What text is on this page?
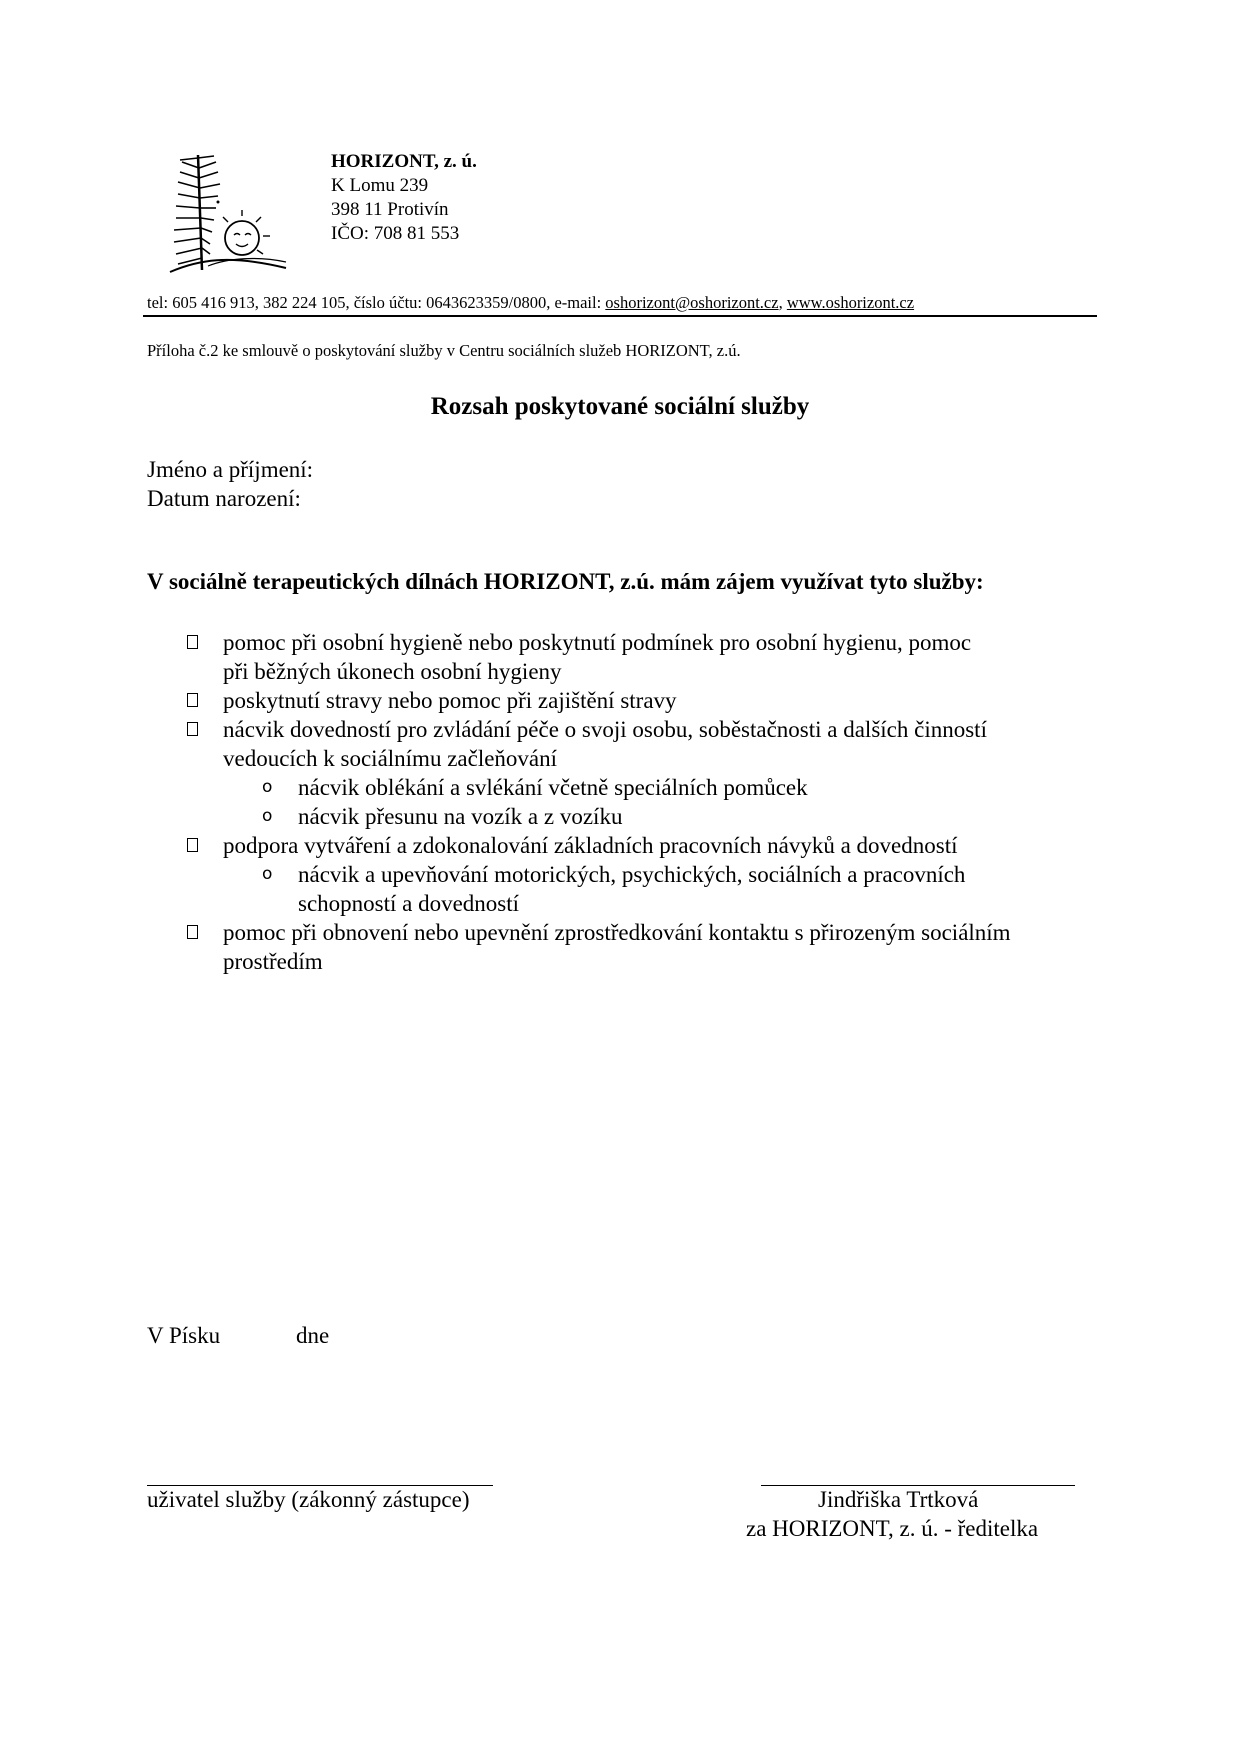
HORIZONT, z. ú.
K Lomu 239
398 11 Protivín
IČO: 708 81 553
tel: 605 416 913, 382 224 105, číslo účtu: 0643623359/0800, e-mail: oshorizont@oshorizont.cz, www.oshorizont.cz
Příloha č.2 ke smlouvě o poskytování služby v Centru sociálních služeb HORIZONT, z.ú.
Rozsah poskytované sociální služby
Jméno a příjmení:
Datum narození:
V sociálně terapeutických dílnách HORIZONT, z.ú. mám zájem využívat tyto služby:
pomoc při osobní hygieně nebo poskytnutí podmínek pro osobní hygienu, pomoc
při běžných úkonech osobní hygieny
poskytnutí stravy nebo pomoc při zajištění stravy
nácvik dovedností pro zvládání péče o svoji osobu, soběstačnosti a dalších činností
vedoucích k sociálnímu začleňování
o nácvik oblékání a svlékání včetně speciálních pomůcek
o nácvik přesunu na vozík a z vozíku
podpora vytváření a zdokonalování základních pracovních návyků a dovedností
o nácvik a upevňování motorických, psychických, sociálních a pracovních
schopností a dovedností
pomoc při obnovení nebo upevnění zprostředkování kontaktu s přirozeným sociálním
prostředím
V Písku	dne
uživatel služby (zákonný zástupce)	Jindřiška Trtková
za HORIZONT, z. ú. - ředitelka
